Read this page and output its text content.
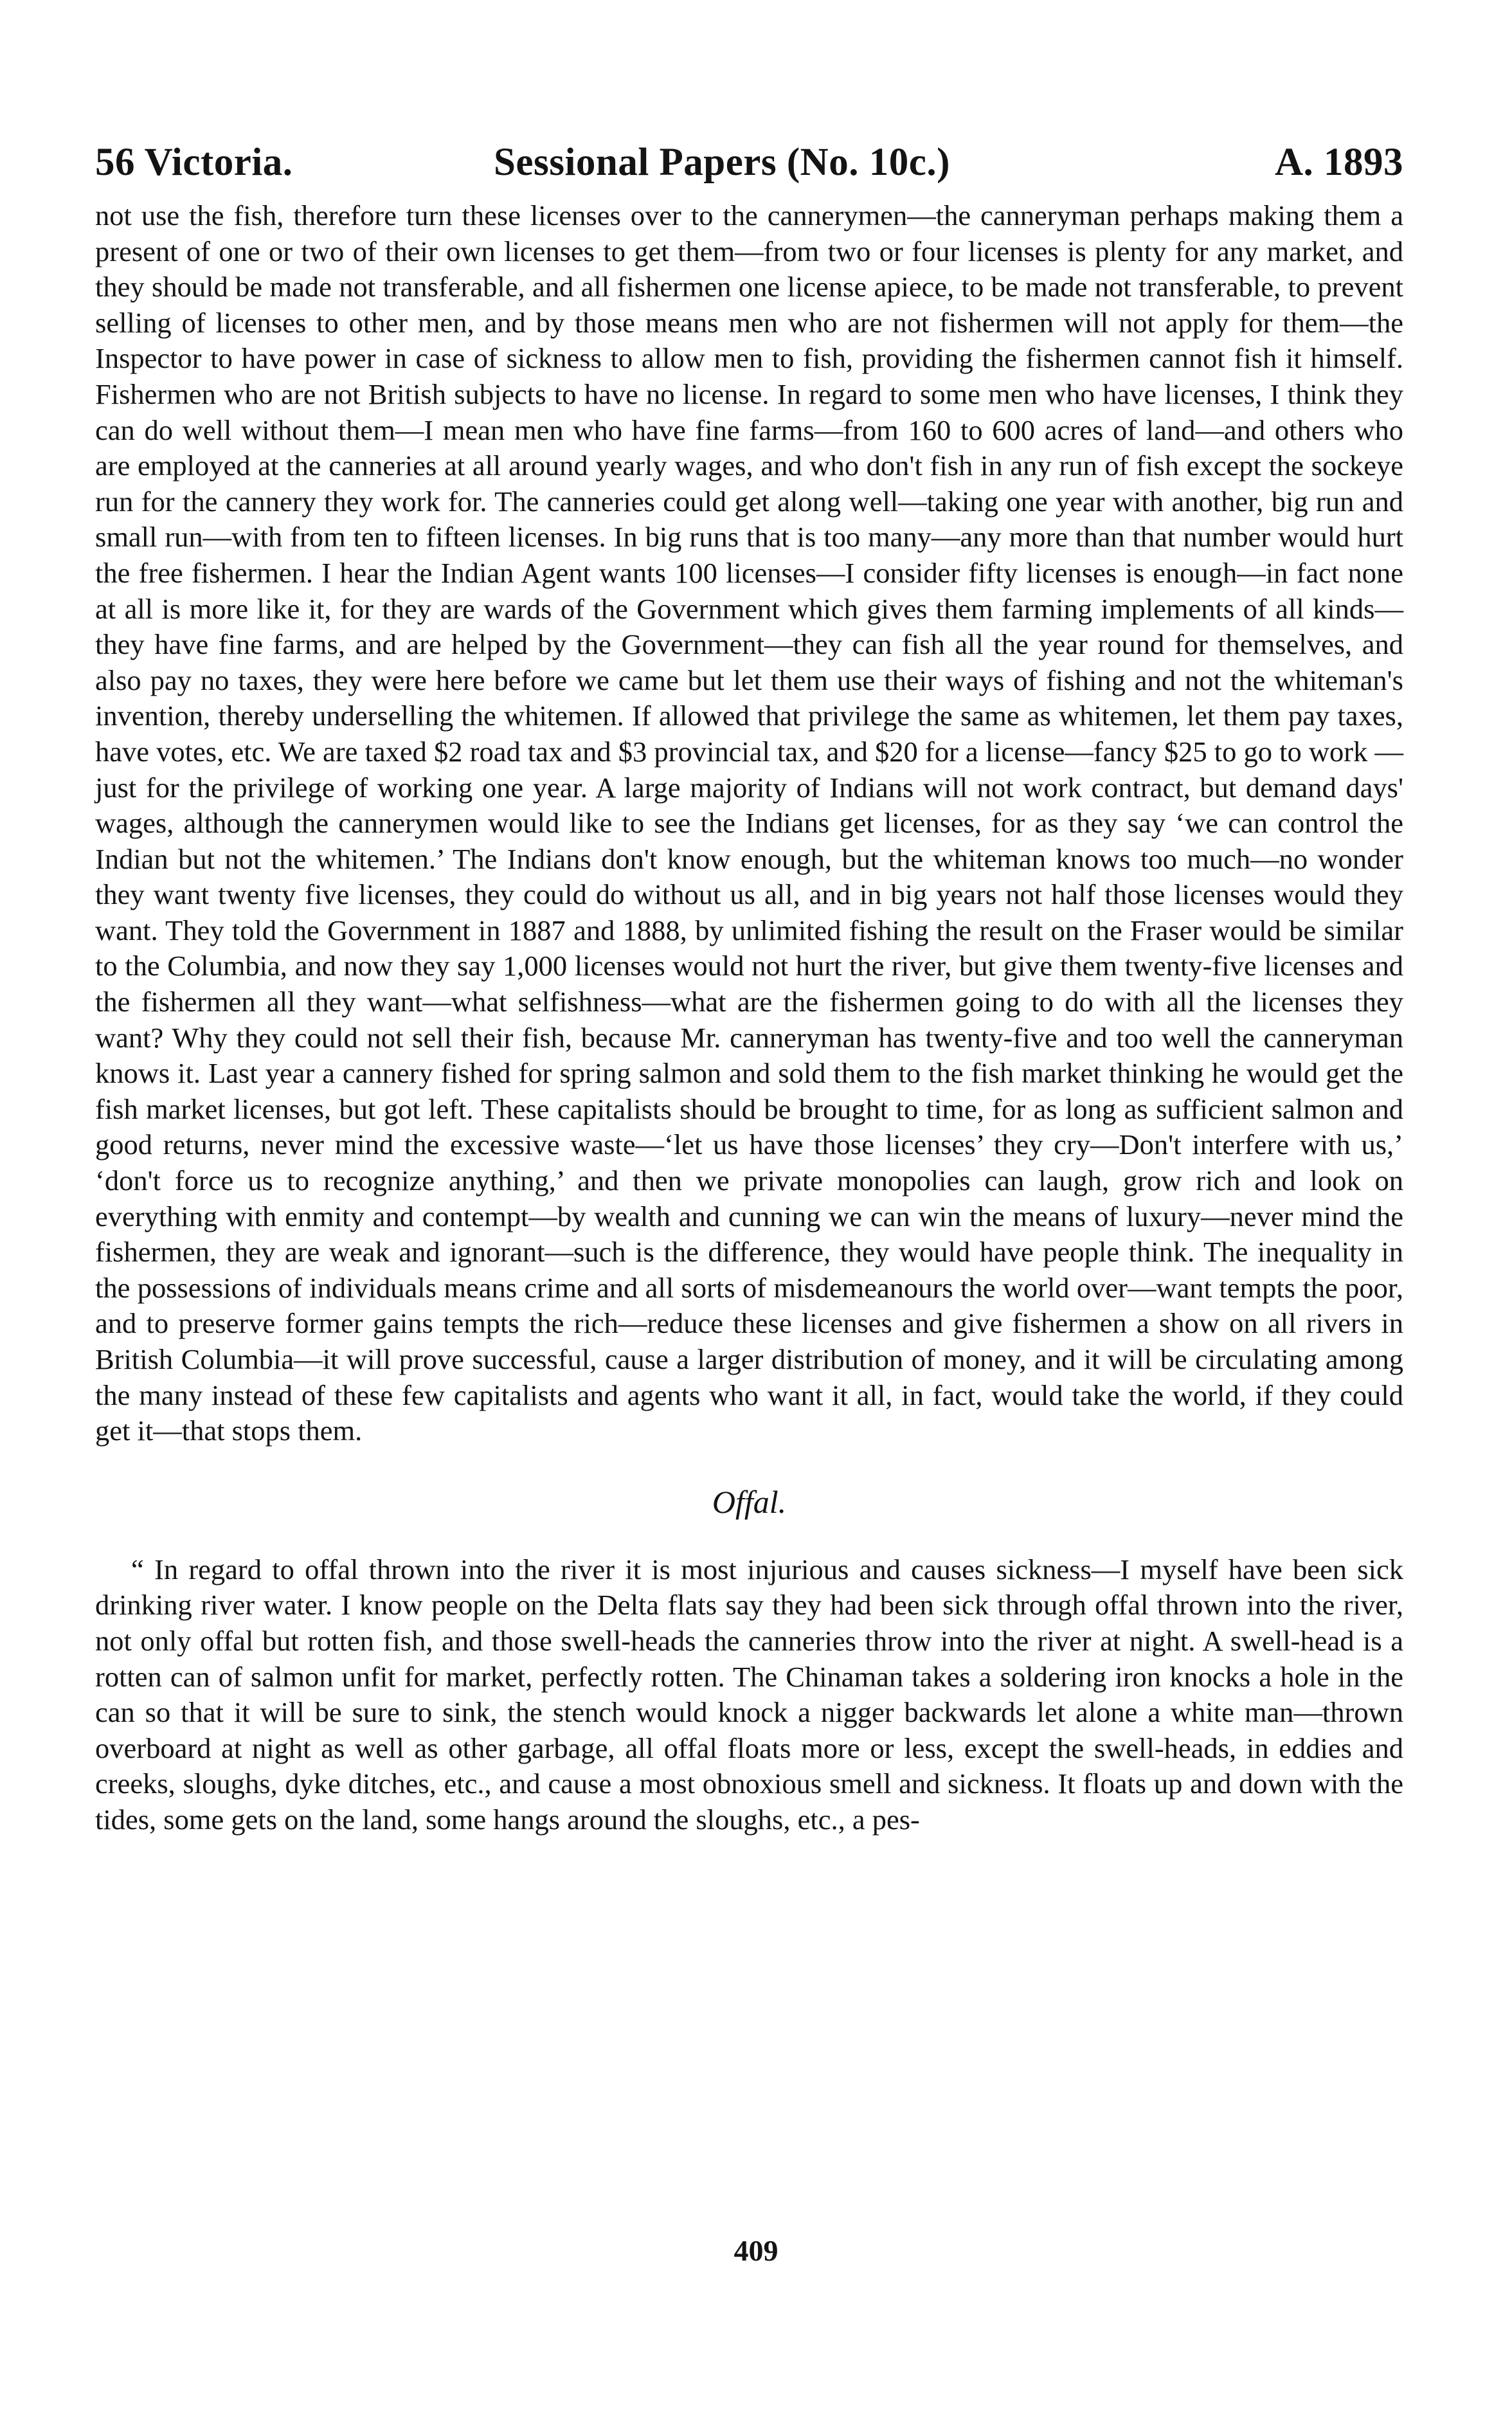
56 Victoria.	Sessional Papers (No. 10c.)	A. 1893

not use the fish, therefore turn these licenses over to the cannerymen—the canneryman perhaps making them a present of one or two of their own licenses to get them—from two or four licenses is plenty for any market, and they should be made not transferable, and all fishermen one license apiece, to be made not transferable, to prevent selling of licenses to other men, and by those means men who are not fishermen will not apply for them—the Inspector to have power in case of sickness to allow men to fish, providing the fishermen cannot fish it himself. Fishermen who are not British subjects to have no license. In regard to some men who have licenses, I think they can do well without them—I mean men who have fine farms—from 160 to 600 acres of land—and others who are employed at the canneries at all around yearly wages, and who don't fish in any run of fish except the sockeye run for the cannery they work for. The canneries could get along well—taking one year with another, big run and small run—with from ten to fifteen licenses. In big runs that is too many—any more than that number would hurt the free fishermen. I hear the Indian Agent wants 100 licenses—I consider fifty licenses is enough—in fact none at all is more like it, for they are wards of the Government which gives them farming implements of all kinds—they have fine farms, and are helped by the Government—they can fish all the year round for themselves, and also pay no taxes, they were here before we came but let them use their ways of fishing and not the whiteman's invention, thereby underselling the whitemen. If allowed that privilege the same as whitemen, let them pay taxes, have votes, etc. We are taxed $2 road tax and $3 provincial tax, and $20 for a license—fancy $25 to go to work — just for the privilege of working one year. A large majority of Indians will not work contract, but demand days' wages, although the cannerymen would like to see the Indians get licenses, for as they say ‘we can control the Indian but not the whitemen.’ The Indians don't know enough, but the whiteman knows too much—no wonder they want twenty five licenses, they could do without us all, and in big years not half those licenses would they want. They told the Government in 1887 and 1888, by unlimited fishing the result on the Fraser would be similar to the Columbia, and now they say 1,000 licenses would not hurt the river, but give them twenty-five licenses and the fishermen all they want—what selfishness—what are the fishermen going to do with all the licenses they want? Why they could not sell their fish, because Mr. canneryman has twenty-five and too well the canneryman knows it. Last year a cannery fished for spring salmon and sold them to the fish market thinking he would get the fish market licenses, but got left. These capitalists should be brought to time, for as long as sufficient salmon and good returns, never mind the excessive waste—‘let us have those licenses’ they cry—Don't interfere with us,’ ‘don't force us to recognize anything,’ and then we private monopolies can laugh, grow rich and look on everything with enmity and contempt—by wealth and cunning we can win the means of luxury—never mind the fishermen, they are weak and ignorant—such is the difference, they would have people think. The inequality in the possessions of individuals means crime and all sorts of misdemeanours the world over—want tempts the poor, and to preserve former gains tempts the rich—reduce these licenses and give fishermen a show on all rivers in British Columbia—it will prove successful, cause a larger distribution of money, and it will be circulating among the many instead of these few capitalists and agents who want it all, in fact, would take the world, if they could get it—that stops them.

Offal.

“ In regard to offal thrown into the river it is most injurious and causes sickness—I myself have been sick drinking river water. I know people on the Delta flats say they had been sick through offal thrown into the river, not only offal but rotten fish, and those swell-heads the canneries throw into the river at night. A swell-head is a rotten can of salmon unfit for market, perfectly rotten. The Chinaman takes a soldering iron knocks a hole in the can so that it will be sure to sink, the stench would knock a nigger backwards let alone a white man—thrown overboard at night as well as other garbage, all offal floats more or less, except the swell-heads, in eddies and creeks, sloughs, dyke ditches, etc., and cause a most obnoxious smell and sickness. It floats up and down with the tides, some gets on the land, some hangs around the sloughs, etc., a pes-

409
